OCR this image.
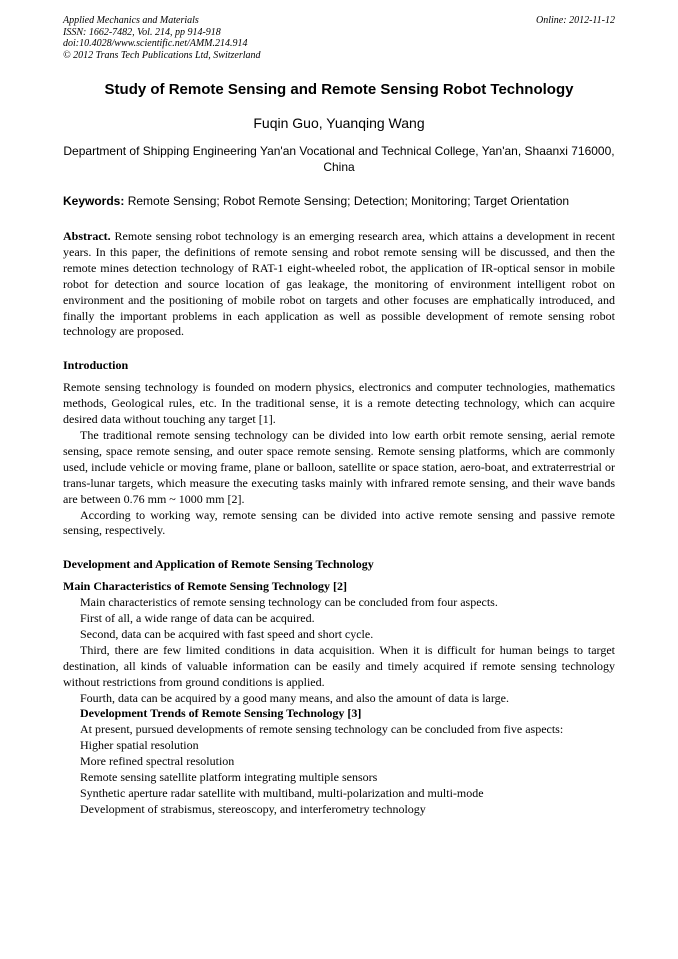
Applied Mechanics and Materials
ISSN: 1662-7482, Vol. 214, pp 914-918
doi:10.4028/www.scientific.net/AMM.214.914
© 2012 Trans Tech Publications Ltd, Switzerland
Online: 2012-11-12
Study of Remote Sensing and Remote Sensing Robot Technology
Fuqin Guo, Yuanqing Wang
Department of Shipping Engineering Yan'an Vocational and Technical College, Yan'an, Shaanxi 716000, China
Keywords: Remote Sensing; Robot Remote Sensing; Detection; Monitoring; Target Orientation

Abstract. Remote sensing robot technology is an emerging research area, which attains a development in recent years. In this paper, the definitions of remote sensing and robot remote sensing will be discussed, and then the remote mines detection technology of RAT-1 eight-wheeled robot, the application of IR-optical sensor in mobile robot for detection and source location of gas leakage, the monitoring of environment intelligent robot on environment and the positioning of mobile robot on targets and other focuses are emphatically introduced, and finally the important problems in each application as well as possible development of remote sensing robot technology are proposed.

Introduction

Remote sensing technology is founded on modern physics, electronics and computer technologies, mathematics methods, Geological rules, etc. In the traditional sense, it is a remote detecting technology, which can acquire desired data without touching any target [1].

The traditional remote sensing technology can be divided into low earth orbit remote sensing, aerial remote sensing, space remote sensing, and outer space remote sensing. Remote sensing platforms, which are commonly used, include vehicle or moving frame, plane or balloon, satellite or space station, aero-boat, and extraterrestrial or trans-lunar targets, which measure the executing tasks mainly with infrared remote sensing, and their wave bands are between 0.76 mm ~ 1000 mm [2].

According to working way, remote sensing can be divided into active remote sensing and passive remote sensing, respectively.

Development and Application of Remote Sensing Technology

Main Characteristics of Remote Sensing Technology [2]

Main characteristics of remote sensing technology can be concluded from four aspects.

First of all, a wide range of data can be acquired.

Second, data can be acquired with fast speed and short cycle.

Third, there are few limited conditions in data acquisition. When it is difficult for human beings to target destination, all kinds of valuable information can be easily and timely acquired if remote sensing technology without restrictions from ground conditions is applied.

Fourth, data can be acquired by a good many means, and also the amount of data is large.

Development Trends of Remote Sensing Technology [3]

At present, pursued developments of remote sensing technology can be concluded from five aspects:

Higher spatial resolution
More refined spectral resolution
Remote sensing satellite platform integrating multiple sensors
Synthetic aperture radar satellite with multiband, multi-polarization and multi-mode
Development of strabismus, stereoscopy, and interferometry technology
